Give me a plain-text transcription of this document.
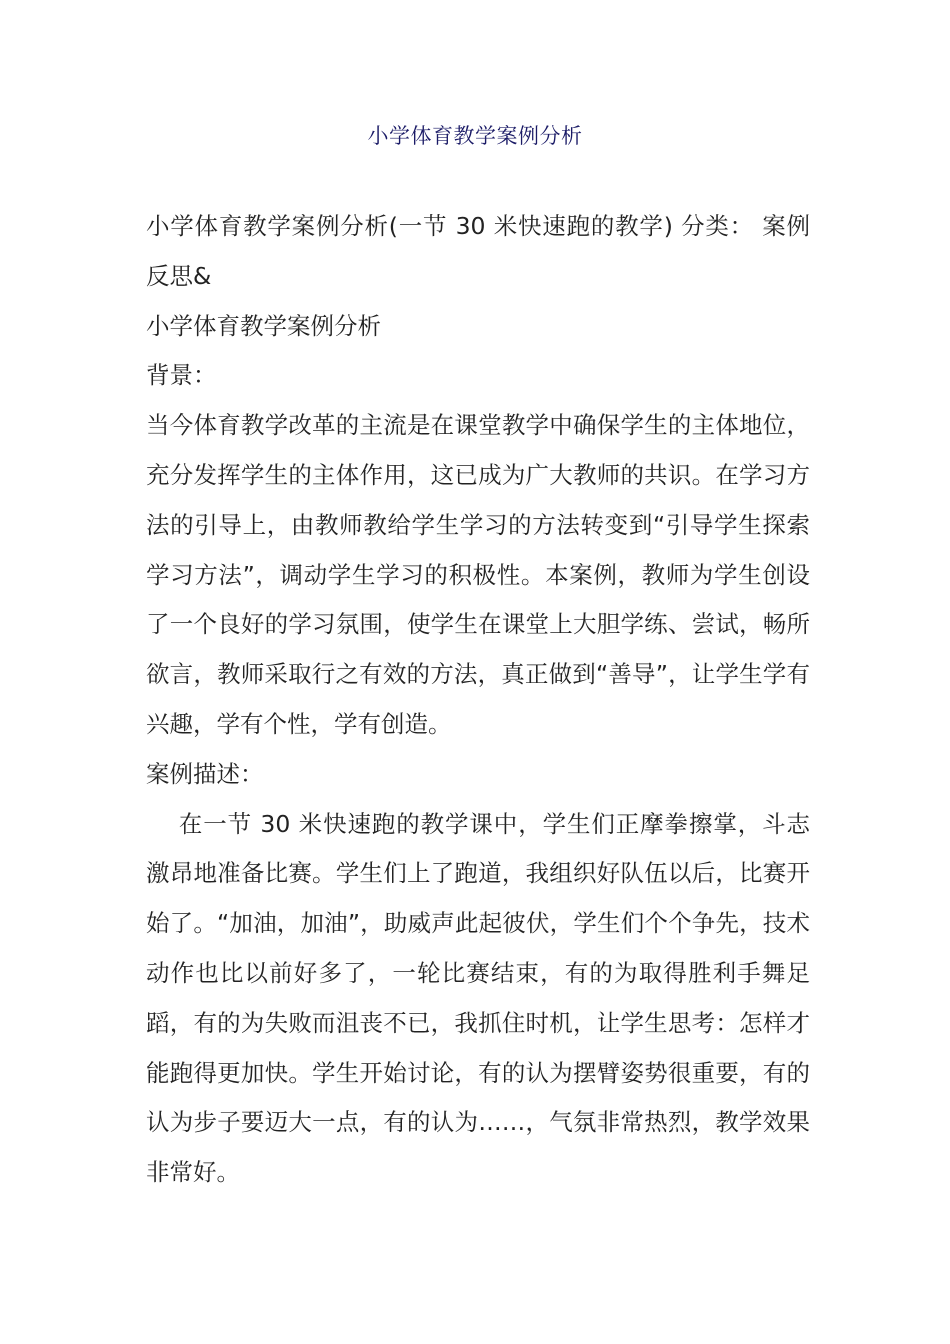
小学体育教学案例分析

小学体育教学案例分析(一节 30 米快速跑的教学) 分类： 案例反思&

小学体育教学案例分析

背景：

当今体育教学改革的主流是在课堂教学中确保学生的主体地位，充分发挥学生的主体作用，这已成为广大教师的共识。在学习方法的引导上，由教师教给学生学习的方法转变到“引导学生探索学习方法”，调动学生学习的积极性。本案例，教师为学生创设了一个良好的学习氛围，使学生在课堂上大胆学练、尝试，畅所欲言，教师采取行之有效的方法，真正做到“善导”，让学生学有兴趣，学有个性，学有创造。

案例描述：

在一节 30 米快速跑的教学课中，学生们正摩拳擦掌，斗志激昂地准备比赛。学生们上了跑道，我组织好队伍以后，比赛开始了。“加油，加油”，助威声此起彼伏，学生们个个争先，技术动作也比以前好多了，一轮比赛结束，有的为取得胜利手舞足蹈，有的为失败而沮丧不已，我抓住时机，让学生思考：怎样才能跑得更加快。学生开始讨论，有的认为摆臂姿势很重要，有的认为步子要迈大一点，有的认为……，气氛非常热烈，教学效果非常好。
